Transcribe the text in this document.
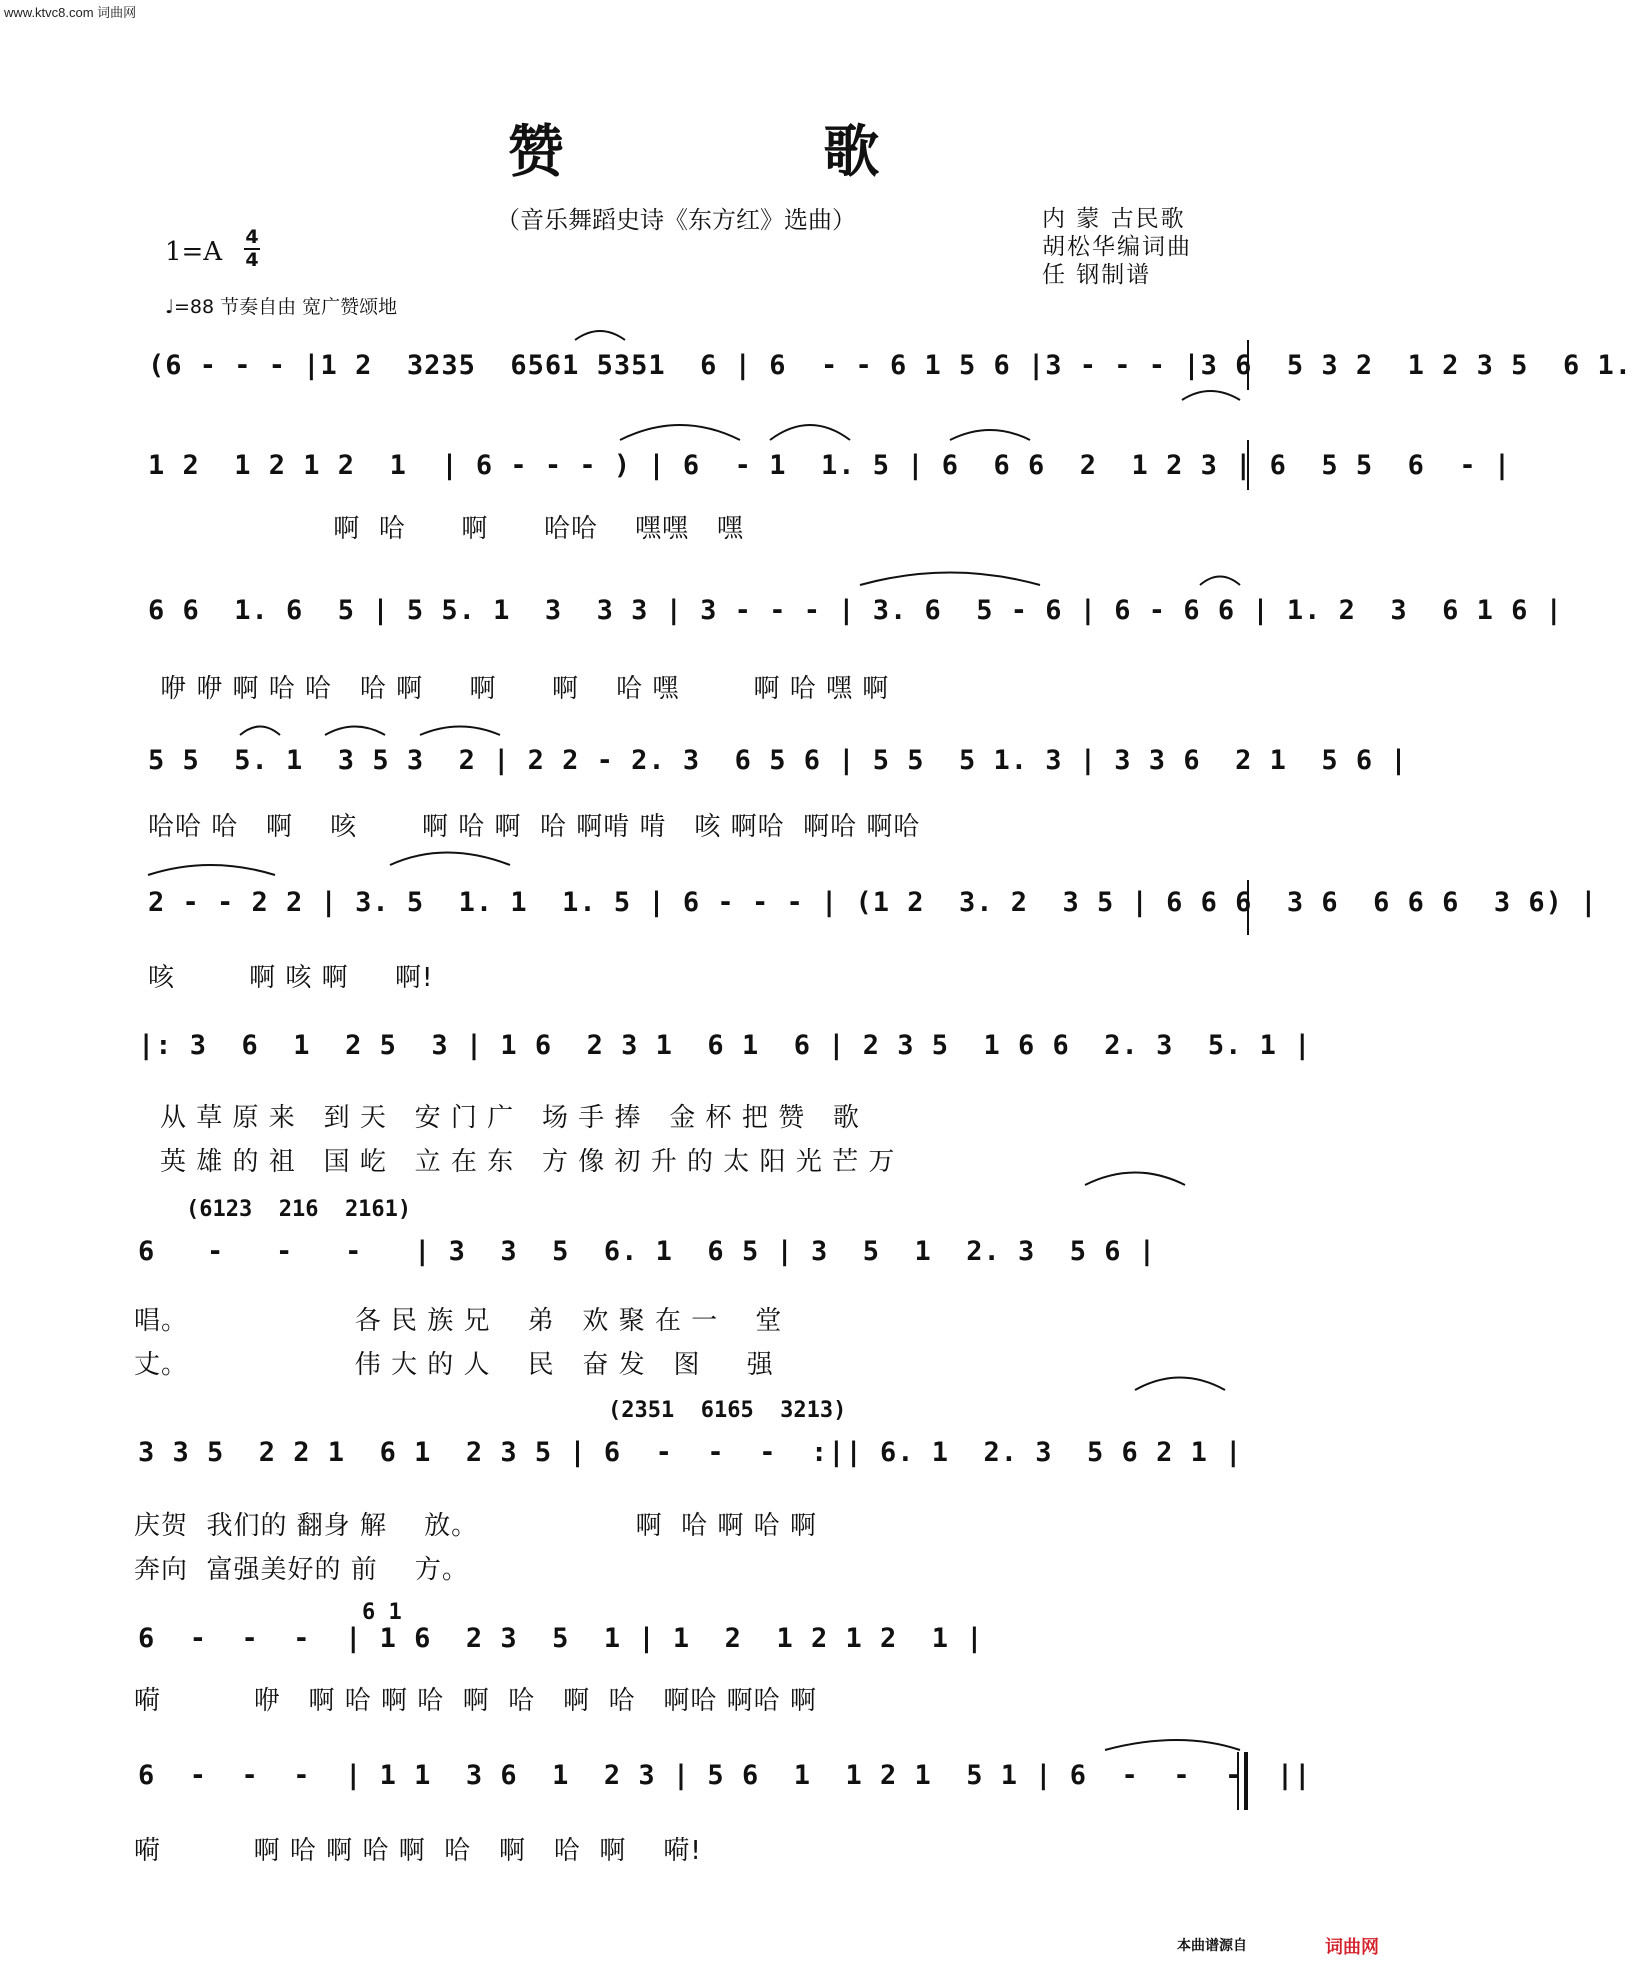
www.ktvc8.com 词曲网
赞 歌
（音乐舞蹈史诗《东方红》选曲）	内 蒙 古民歌
胡松华编词曲
任 钢制谱
1=A 4
4
♩=88 节奏自由 宽广赞颂地
(6 - - - |1 2  3235  6561 5351  6 | 6  - - 6 1 5 6 |3 - - - |3 6  5 3 2  1 2 3 5  6 1.
1 2  1 2 1 2  1  | 6 - - - ) | 6  - 1  1. 5 | 6  6 6  2  1 2 3 | 6  5 5  6  - |
啊  哈      啊      哈哈    嘿嘿   嘿
6 6  1. 6  5 | 5 5. 1  3  3 3 | 3 - - - | 3. 6  5 - 6 | 6 - 6 6 | 1. 2  3  6 1 6 |
咿 咿 啊 哈 哈   哈 啊     啊      啊    哈 嘿        啊 哈 嘿 啊
5 5  5. 1  3 5 3  2 | 2 2 - 2. 3  6 5 6 | 5 5  5 1. 3 | 3 3 6  2 1  5 6 |
哈哈 哈   啊    咳       啊 哈 啊  哈 啊啃 啃   咳 啊哈  啊哈 啊哈
2 - - 2 2 | 3. 5  1. 1  1. 5 | 6 - - - | (1 2  3. 2  3 5 | 6 6 6  3 6  6 6 6  3 6) |
咳        啊 咳 啊     啊!
|: 3  6  1  2 5  3 | 1 6  2 3 1  6 1  6 | 2 3 5  1 6 6  2. 3  5. 1 |
从 草 原 来   到 天   安 门 广   场 手 捧   金 杯 把 赞   歌
英 雄 的 祖   国 屹   立 在 东   方 像 初 升 的 太 阳 光 芒 万
(6123  216  2161)
6   -   -   -   | 3  3  5  6. 1  6 5 | 3  5  1  2. 3  5 6 |
唱。                  各 民 族 兄    弟   欢 聚 在 一    堂
丈。                  伟 大 的 人    民   奋 发   图     强
(2351  6165  3213)
3 3 5  2 2 1  6 1  2 3 5 | 6  -  -  -  :|| 6. 1  2. 3  5 6 2 1 |
庆贺  我们的 翻身 解    放。                 啊  哈 啊 哈 啊
奔向  富强美好的 前    方。
6 1
6  -  -  -  | 1 6  2 3  5  1 | 1  2  1 2 1 2  1 |
嗬          咿   啊 哈 啊 哈  啊  哈   啊  哈   啊哈 啊哈 啊
6  -  -  -  | 1 1  3 6  1  2 3 | 5 6  1  1 2 1  5 1 | 6  -  -  -  ||
嗬          啊 哈 啊 哈 啊  哈   啊   哈  啊    嗬!
本曲谱源自	词曲网
